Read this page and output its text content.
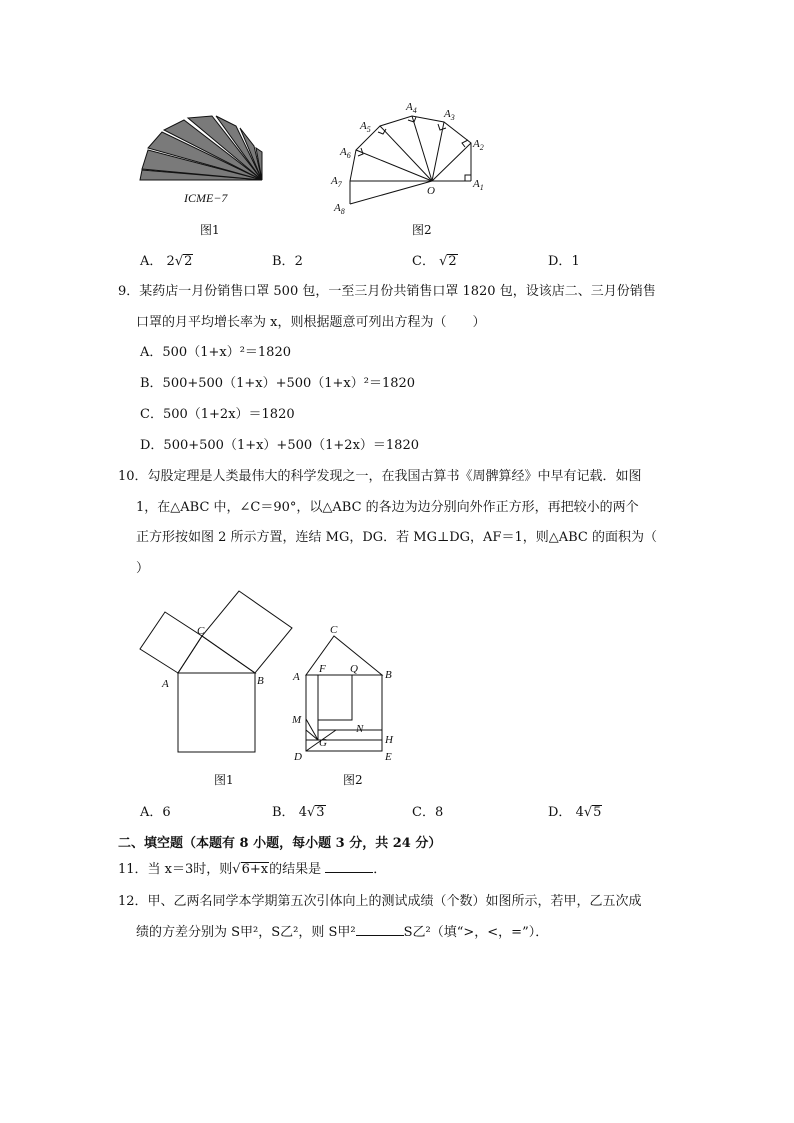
ICME−7
图1
$A_1$
$A_2$
$A_3$
$A_4$
$A_5$
$A_6$
$A_7$
$A_8$
O
图2
A． 2√2	B．2	C． √2	D．1
9．某药店一月份销售口罩 500 包，一至三月份共销售口罩 1820 包，设该店二、三月份销售
口罩的月平均增长率为 x，则根据题意可列出方程为（　　）
A．500（1+x）²＝1820
B．500+500（1+x）+500（1+x）²＝1820
C．500（1+2x）＝1820
D．500+500（1+x）+500（1+2x）＝1820
10．勾股定理是人类最伟大的科学发现之一，在我国古算书《周髀算经》中早有记载．如图
1，在△ABC 中，∠C＝90°，以△ABC 的各边为边分别向外作正方形，再把较小的两个
正方形按如图 2 所示方置，连结 MG，DG．若 MG⊥DG，AF＝1，则△ABC 的面积为（
）
A	B
C
图1
A	B
C
F Q
M
N
G	H
D	E
图2
A．6	B． 4√3	C．8	D． 4√5
二、填空题（本题有 8 小题，每小题 3 分，共 24 分）
11．当 x＝3时，则√6+x的结果是	．
12．甲、乙两名同学本学期第五次引体向上的测试成绩（个数）如图所示，若甲，乙五次成
绩的方差分别为 S甲²，S乙²，则 S甲²	S乙²（填“>，<，=”）．
